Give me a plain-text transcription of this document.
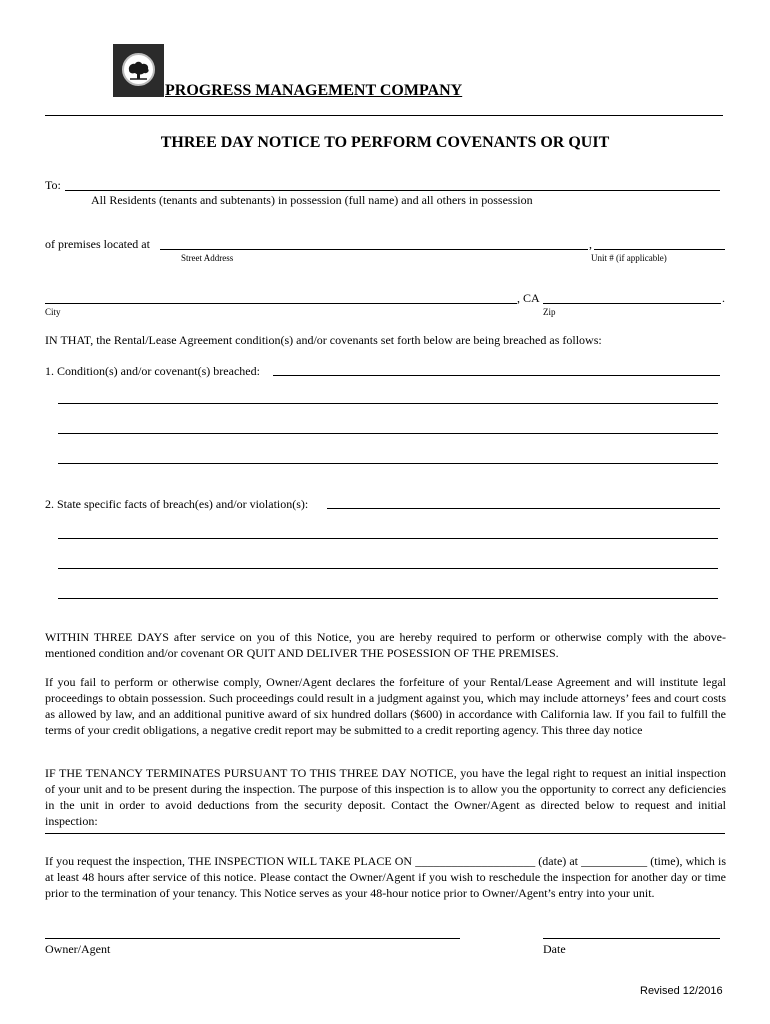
PROGRESS MANAGEMENT COMPANY
THREE DAY NOTICE TO PERFORM COVENANTS OR QUIT
To:
All Residents (tenants and subtenants) in possession (full name) and all others in possession
of premises located at	,
Street Address	Unit # (if applicable)
, CA	.
City	Zip
IN THAT, the Rental/Lease Agreement condition(s) and/or covenants set forth below are being breached as follows:
1. Condition(s) and/or covenant(s) breached:
2. State specific facts of breach(es) and/or violation(s):
WITHIN THREE DAYS after service on you of this Notice, you are hereby required to perform or otherwise comply with the above-mentioned condition and/or covenant OR QUIT AND DELIVER THE POSESSION OF THE PREMISES.
If you fail to perform or otherwise comply, Owner/Agent declares the forfeiture of your Rental/Lease Agreement and will institute legal proceedings to obtain possession. Such proceedings could result in a judgment against you, which may include attorneys’ fees and court costs as allowed by law, and an additional punitive award of six hundred dollars ($600) in accordance with California law. If you fail to fulfill the terms of your credit obligations, a negative credit report may be submitted to a credit reporting agency. This three day notice
IF THE TENANCY TERMINATES PURSUANT TO THIS THREE DAY NOTICE, you have the legal right to request an initial inspection of your unit and to be present during the inspection. The purpose of this inspection is to allow you the opportunity to correct any deficiencies in the unit in order to avoid deductions from the security deposit. Contact the Owner/Agent as directed below to request and initial inspection:
If you request the inspection, THE INSPECTION WILL TAKE PLACE ON ____________________ (date) at ___________ (time), which is at least 48 hours after service of this notice. Please contact the Owner/Agent if you wish to reschedule the inspection for another day or time prior to the termination of your tenancy. This Notice serves as your 48-hour notice prior to Owner/Agent’s entry into your unit.
Owner/Agent	Date
Revised 12/2016
